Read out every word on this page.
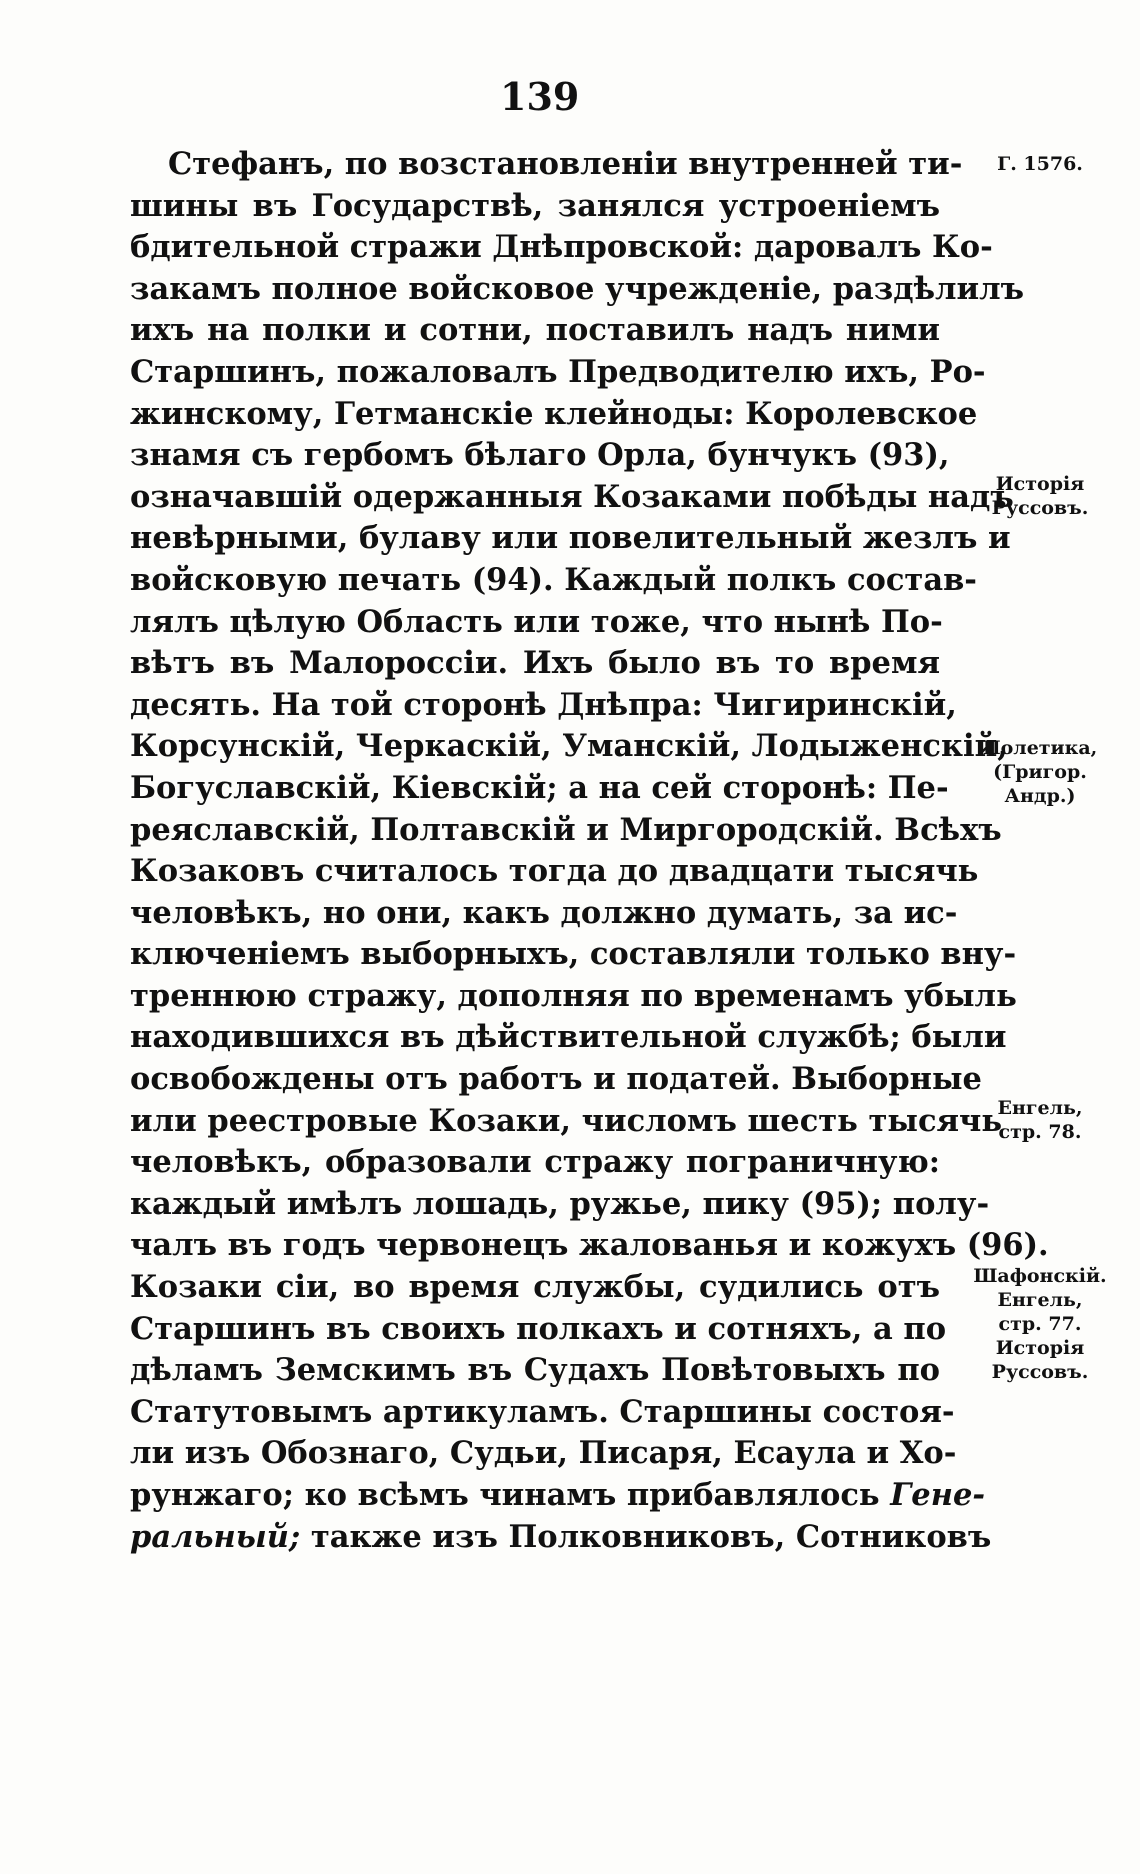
139
Стефанъ, по возстановленіи внутренней ти-
шины въ Государствѣ, занялся устроеніемъ
бдительной стражи Днѣпровской: даровалъ Ко-
закамъ полное войсковое учрежденіе, раздѣлилъ
ихъ на полки и сотни, поставилъ надъ ними
Старшинъ, пожаловалъ Предводителю ихъ, Ро-
жинскому, Гетманскіе клейноды: Королевское
знамя съ гербомъ бѣлаго Орла, бунчукъ (93),
означавшій одержанныя Козаками побѣды надъ
невѣрными, булаву или повелительный жезлъ и
войсковую печать (94). Каждый полкъ состав-
лялъ цѣлую Область или тоже, что нынѣ По-
вѣтъ въ Малороссіи. Ихъ было въ то время
десять. На той сторонѣ Днѣпра: Чигиринскій,
Корсунскій, Черкаскій, Уманскій, Лодыженскій,
Богуславскій, Кіевскій; а на сей сторонѣ: Пе-
реяславскій, Полтавскій и Миргородскій. Всѣхъ
Козаковъ считалось тогда до двадцати тысячь
человѣкъ, но они, какъ должно думать, за ис-
ключеніемъ выборныхъ, составляли только вну-
треннюю стражу, дополняя по временамъ убыль
находившихся въ дѣйствительной службѣ; были
освобождены отъ работъ и податей. Выборные
или реестровые Козаки, числомъ шесть тысячь
человѣкъ, образовали стражу пограничную:
каждый имѣлъ лошадь, ружье, пику (95); полу-
чалъ въ годъ червонецъ жалованья и кожухъ (96).
Козаки сіи, во время службы, судились отъ
Старшинъ въ своихъ полкахъ и сотняхъ, а по
дѣламъ Земскимъ въ Судахъ Повѣтовыхъ по
Статутовымъ артикуламъ. Старшины состоя-
ли изъ Обознаго, Судьи, Писаря, Есаула и Хо-
рунжаго; ко всѣмъ чинамъ прибавлялось Гене-
ральный; также изъ Полковниковъ, Сотниковъ
Г. 1576.
Исторія
Руссовъ.
Полетика,
(Григор.
Андр.)
Енгель,
стр. 78.
Шафонскій.
Енгель,
стр. 77.
Исторія
Руссовъ.
